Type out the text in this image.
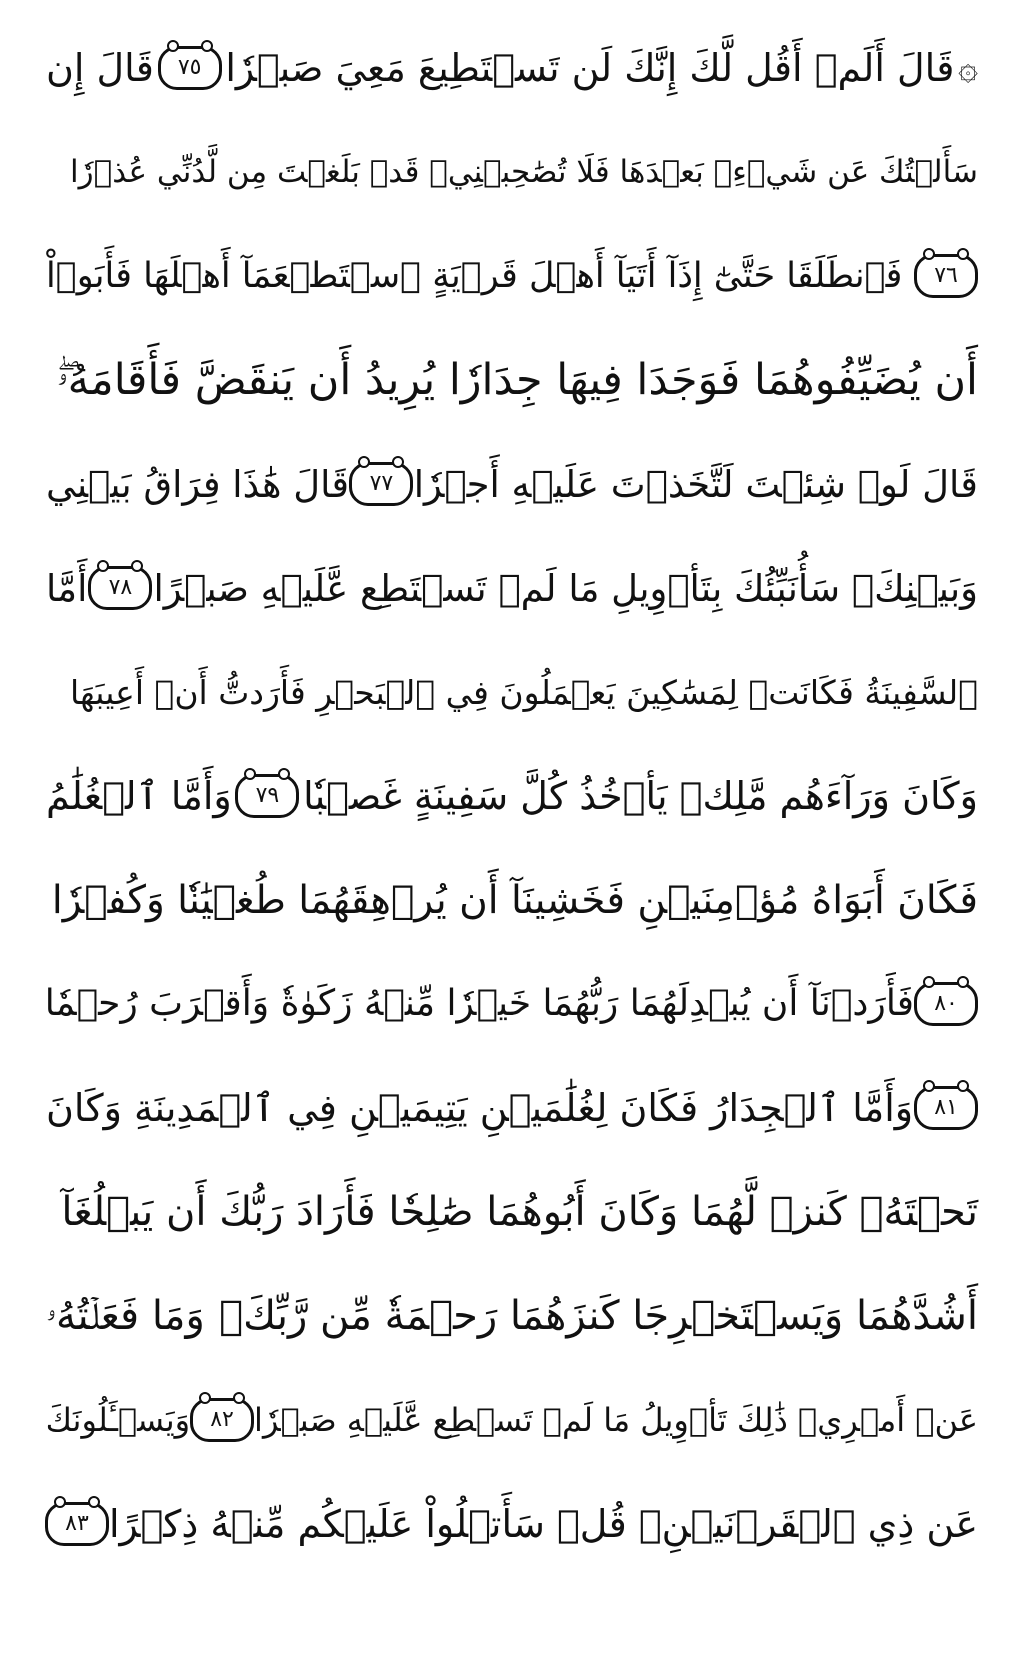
۞
قَالَ أَلَمۡ أَقُل لَّكَ إِنَّكَ لَن تَسۡتَطِيعَ مَعِيَ صَبۡرٗا
٧٥
قَالَ إِن
سَأَلۡتُكَ عَن شَيۡءِۭ بَعۡدَهَا فَلَا تُصَٰحِبۡنِيۖ قَدۡ بَلَغۡتَ مِن لَّدُنِّي عُذۡرٗا
٧٦
فَٱنطَلَقَا حَتَّىٰٓ إِذَآ أَتَيَآ أَهۡلَ قَرۡيَةٍ ٱسۡتَطۡعَمَآ أَهۡلَهَا فَأَبَوۡاْ
أَن يُضَيِّفُوهُمَا فَوَجَدَا فِيهَا جِدَارٗا يُرِيدُ أَن يَنقَضَّ فَأَقَامَهُۥۖ
قَالَ لَوۡ شِئۡتَ لَتَّخَذۡتَ عَلَيۡهِ أَجۡرٗا
٧٧
قَالَ هَٰذَا فِرَاقُ بَيۡنِي
وَبَيۡنِكَۚ سَأُنَبِّئُكَ بِتَأۡوِيلِ مَا لَمۡ تَسۡتَطِع عَّلَيۡهِ صَبۡرًا
٧٨
أَمَّا
ٱلسَّفِينَةُ فَكَانَتۡ لِمَسَٰكِينَ يَعۡمَلُونَ فِي ٱلۡبَحۡرِ فَأَرَدتُّ أَنۡ أَعِيبَهَا
وَكَانَ وَرَآءَهُم مَّلِكٞ يَأۡخُذُ كُلَّ سَفِينَةٍ غَصۡبٗا
٧٩
وَأَمَّا ٱلۡغُلَٰمُ
فَكَانَ أَبَوَاهُ مُؤۡمِنَيۡنِ فَخَشِينَآ أَن يُرۡهِقَهُمَا طُغۡيَٰنٗا وَكُفۡرٗا
٨٠
فَأَرَدۡنَآ أَن يُبۡدِلَهُمَا رَبُّهُمَا خَيۡرٗا مِّنۡهُ زَكَوٰةٗ وَأَقۡرَبَ رُحۡمٗا
٨١
وَأَمَّا ٱلۡجِدَارُ فَكَانَ لِغُلَٰمَيۡنِ يَتِيمَيۡنِ فِي ٱلۡمَدِينَةِ وَكَانَ
تَحۡتَهُۥ كَنزٞ لَّهُمَا وَكَانَ أَبُوهُمَا صَٰلِحٗا فَأَرَادَ رَبُّكَ أَن يَبۡلُغَآ
أَشُدَّهُمَا وَيَسۡتَخۡرِجَا كَنزَهُمَا رَحۡمَةٗ مِّن رَّبِّكَۚ
وَمَا فَعَلۡتُهُۥ
عَنۡ أَمۡرِيۚ ذَٰلِكَ تَأۡوِيلُ مَا لَمۡ تَسۡطِع عَّلَيۡهِ صَبۡرٗا
٨٢
وَيَسۡـَٔلُونَكَ
عَن ذِي ٱلۡقَرۡنَيۡنِۖ قُلۡ سَأَتۡلُواْ عَلَيۡكُم مِّنۡهُ ذِكۡرًا
٨٣
